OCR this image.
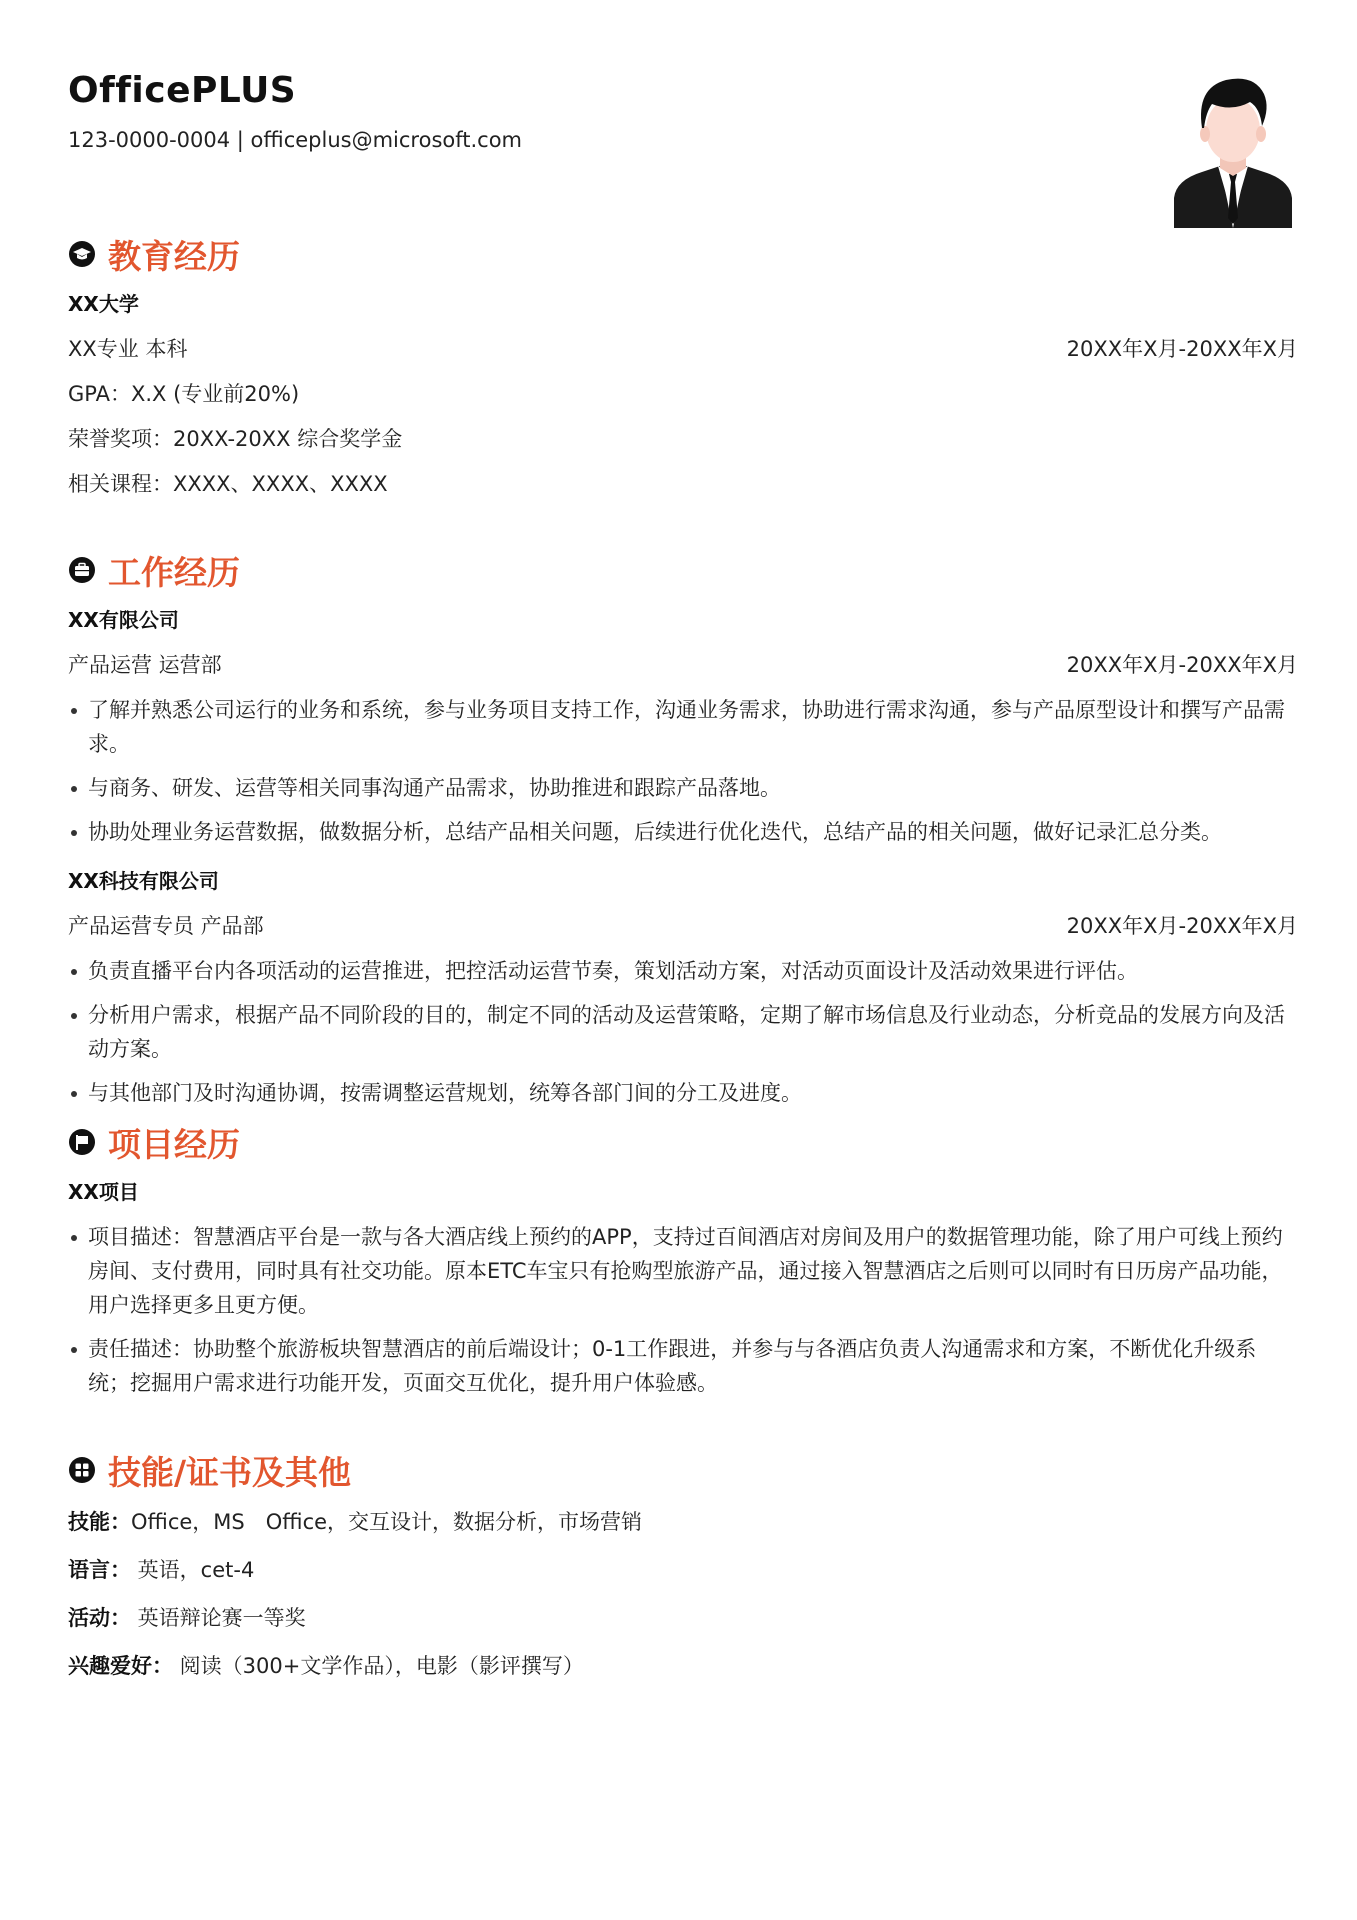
OfficePLUS
123-0000-0004 | officeplus@microsoft.com
教育经历
XX大学
XX专业 本科	20XX年X月-20XX年X月
GPA：X.X (专业前20%)
荣誉奖项：20XX-20XX 综合奖学金
相关课程：XXXX、XXXX、XXXX
工作经历
XX有限公司
产品运营 运营部	20XX年X月-20XX年X月
了解并熟悉公司运行的业务和系统，参与业务项目支持工作，沟通业务需求，协助进行需求沟通，参与产品原型设计和撰写产品需求。
与商务、研发、运营等相关同事沟通产品需求，协助推进和跟踪产品落地。
协助处理业务运营数据，做数据分析，总结产品相关问题，后续进行优化迭代，总结产品的相关问题，做好记录汇总分类。
XX科技有限公司
产品运营专员 产品部	20XX年X月-20XX年X月
负责直播平台内各项活动的运营推进，把控活动运营节奏，策划活动方案，对活动页面设计及活动效果进行评估。
分析用户需求，根据产品不同阶段的目的，制定不同的活动及运营策略，定期了解市场信息及行业动态，分析竞品的发展方向及活动方案。
与其他部门及时沟通协调，按需调整运营规划，统筹各部门间的分工及进度。
项目经历
XX项目
项目描述：智慧酒店平台是一款与各大酒店线上预约的APP，支持过百间酒店对房间及用户的数据管理功能，除了用户可线上预约房间、支付费用，同时具有社交功能。原本ETC车宝只有抢购型旅游产品，通过接入智慧酒店之后则可以同时有日历房产品功能，用户选择更多且更方便。
责任描述：协助整个旅游板块智慧酒店的前后端设计；0-1工作跟进，并参与与各酒店负责人沟通需求和方案，不断优化升级系统；挖掘用户需求进行功能开发，页面交互优化，提升用户体验感。
技能/证书及其他
技能：Office，MS　Office，交互设计，数据分析，市场营销
语言： 英语，cet-4
活动： 英语辩论赛一等奖
兴趣爱好： 阅读（300+文学作品），电影（影评撰写）
